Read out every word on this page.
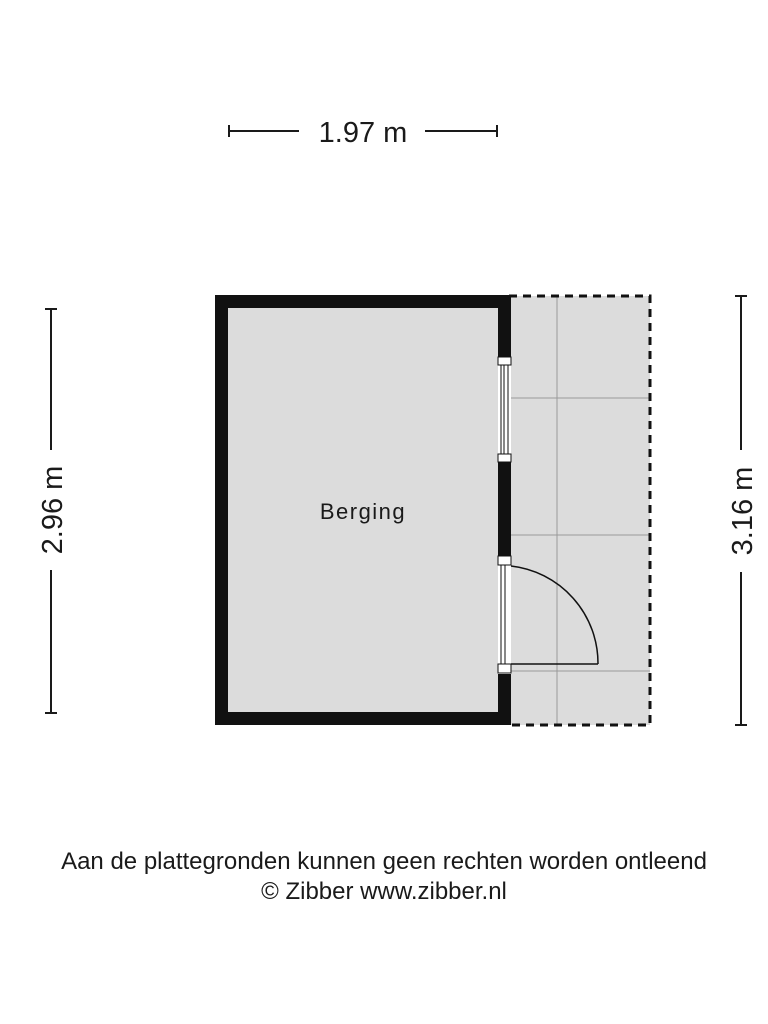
1.97 m
2.96 m	3.16 m
Berging
Aan de plattegronden kunnen geen rechten worden ontleend
© Zibber www.zibber.nl
